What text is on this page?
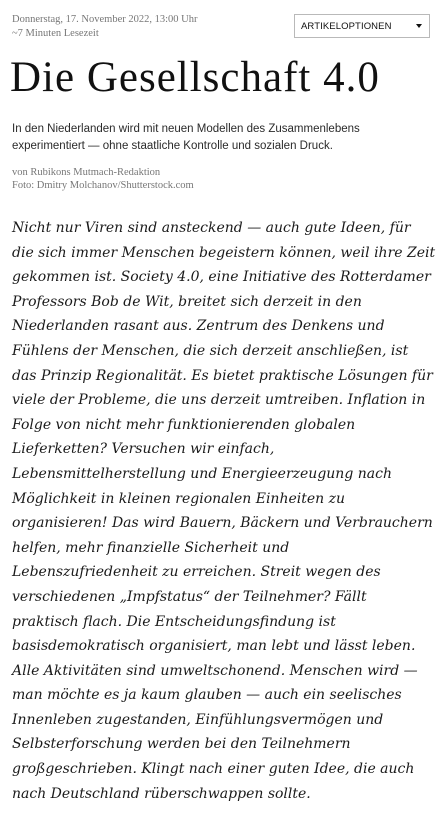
Donnerstag, 17. November 2022, 13:00 Uhr
~7 Minuten Lesezeit
ARTIKELOPTIONEN
Die Gesellschaft 4.0

In den Niederlanden wird mit neuen Modellen des Zusammenlebens experimentiert — ohne staatliche Kontrolle und sozialen Druck.

von Rubikons Mutmach-Redaktion
Foto: Dmitry Molchanov/Shutterstock.com

Nicht nur Viren sind ansteckend — auch gute Ideen, für die sich immer Menschen begeistern können, weil ihre Zeit gekommen ist. Society 4.0, eine Initiative des Rotterdamer Professors Bob de Wit, breitet sich derzeit in den Niederlanden rasant aus. Zentrum des Denkens und Fühlens der Menschen, die sich derzeit anschließen, ist das Prinzip Regionalität. Es bietet praktische Lösungen für viele der Probleme, die uns derzeit umtreiben. Inflation in Folge von nicht mehr funktionierenden globalen Lieferketten? Versuchen wir einfach, Lebensmittelherstellung und Energieerzeugung nach Möglichkeit in kleinen regionalen Einheiten zu organisieren! Das wird Bauern, Bäckern und Verbrauchern helfen, mehr finanzielle Sicherheit und Lebenszufriedenheit zu erreichen. Streit wegen des verschiedenen „Impfstatus“ der Teilnehmer? Fällt praktisch flach. Die Entscheidungsfindung ist basisdemokratisch organisiert, man lebt und lässt leben. Alle Aktivitäten sind umweltschonend. Menschen wird — man möchte es ja kaum glauben — auch ein seelisches Innenleben zugestanden, Einfühlungsvermögen und Selbsterforschung werden bei den Teilnehmern großgeschrieben. Klingt nach einer guten Idee, die auch nach Deutschland rüberschwappen sollte.
